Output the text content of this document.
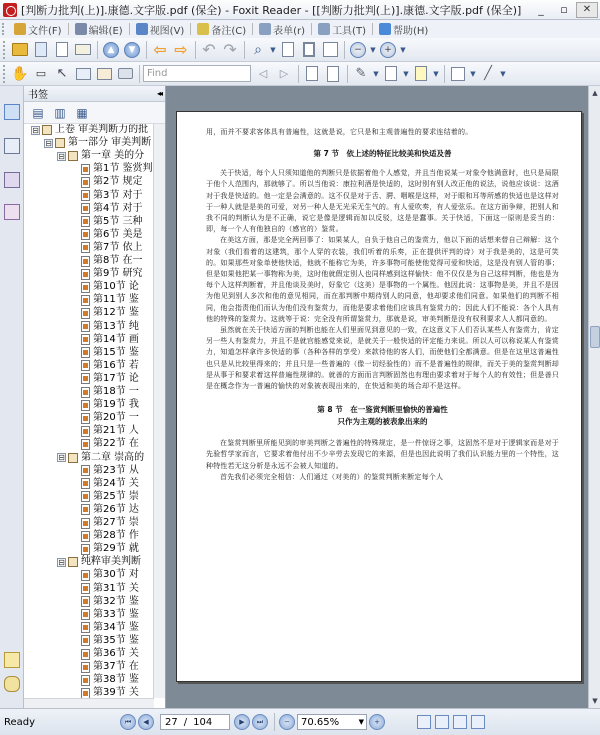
[判断力批判(上)].康德.文字版.pdf (保全) - Foxit Reader - [[判断力批判(上)].康德.文字版.pdf (保全)]	_	▫	✕
文件(F)	编辑(E)	视图(V)	备注(C)	表单(r)	工具(T)	帮助(H)
▲	▼ ⇦ ⇨ ↶ ↷ ⌕ ▼	−	▼ +	▼
✋ ▭ ↖	Find	◁ ▷	✎ ▼	▼	▼	▼ ╱ ▼
书签	◂◂
▤ ▥ ▦
⊟ 上卷 审美判断力的批
⊟ 第一部分 审美判断
⊟ 第一章 美的分
第1节 鉴赏判
第2节 规定
第3节 对于
第4节 对于
第5节 三种
第6节 美是
第7节 依上
第8节 在一
第9节 研究
第10节 论
第11节 鉴
第12节 鉴
第13节 纯
第14节 画
第15节 鉴
第16节 若
第17节 论
第18节 一
第19节 我
第20节 一
第21节 人
第22节 在
⊟ 第二章 崇高的
第23节 从
第24节 关
第25节 崇
第26节 达
第27节 崇
第28节 作
第29节 就
⊟ 纯粹审美判断
第30节 对
第31节 关
第32节 鉴
第33节 鉴
第34节 鉴
第35节 鉴
第36节 关
第37节 在
第38节 鉴
第39节 关
用，而并不要求客体具有普遍性，这就是说，它只是和主观普遍性的要求连结着的。
第 7 节　依上述的特征比较美和快适及善
关于快适，每个人只须知道他的判断只是依据着他个人感觉，并且当他说某一对象令他满意时，也只是局限于他个人范围内，那就够了。所以当他说：康拉利酒是快适的，这时别有别人改正他的说法，说他应该说：这酒对于我是快适的。他一定是会满意的。这不仅是对于舌、腭、咽喉是这样，对于眼和耳等所感的快适也是这样对于一种人就是是美的可爱，对另一种人是无光采无生气的。有人爱吹奏，有人爱弦乐。在这方面争辩，把别人和我不同的判断认为是不正确，说它是像是逻辑而加以反驳，这是是蠢事。关于快适，下面这一原则是妥当的：即，每一个人有他独自的（感官的）鉴赏。
在美这方面，那是完全两回事了：如果某人，自负于他自己的鉴赏力，他以下面的话想来替自己辩解：这个对象（我们看着的这建筑，那个人穿的衣装，我们听着的乐奏，正在提供评判的诗）对于我是美的，这是可笑的。如果那些对象单使他快适，他就不能称它为美，许多事物可能使他觉得可爱和快适，这是没有别人管的事；但是如果他把某一事物称为美，这时他就假定别人也同样感到这样愉快：他不仅仅是为自己这样判断，他也是为每个人这样判断着，并且他谈及美时，好象它（这美）是事物的一个属性。他因此说：这事物是美，并且不是因为他见到别人多次和他的意见相同，而在那判断中期待别人的同意，他却要求他们同意。如果他们的判断不相同，他会指责他们而认为他们没有鉴赏力，而他是要求着他们应该具有鉴赏力的；因此人们不能说：各个人具有他的特殊的鉴赏力。这就等于说：完全没有所谓鉴赏力，那就是说，审美判断是没有权利要求人人都同意的。
虽然就在关于快适方面的判断也能在人们里面见到意见的一致，在这意义下人们否认某些人有鉴赏力，肯定另一些人有鉴赏力，并且不是就官能感觉来说，是就关于一般快适的评定能力来说。所以人可以称说某人有鉴赏力，知道怎样拿许多快适的事（各种各样的享受）来款待他的客人们，而使他们全都满意。但是在这里这普遍性也只是从比较里得来的；并且只是一些普遍的（像一切经验性的）而不是普遍性的规律，而关于美的鉴赏判断却是从事于和要求着这样普遍性规律的。就善的方面而言判断固然也有理由要求着对于每个人的有效性；但是善只是在概念作为一普遍的愉快的对象被表现出来的，在快适和美的场合却不是这样。
第 8 节　在一鉴赏判断里愉快的普遍性
只作为主观的被表象出来的
在鉴赏判断里所能见到的审美判断之普遍性的特殊规定，是一件惊讶之事，这固然不是对于逻辑家而是对于先验哲学家而言，它要求着他付出不少辛劳去发现它的来源，但是也因此说明了我们认识能力里的一个特性，这种特性若无这分析是永远不会被人知道的。
首先我们必须完全相信：人们通过（对美的）的鉴赏判断来断定每个人
▲
▼
Ready	⏮ ◀ 27 / 104	▶ ⏭	− 70.65%	▼ +
